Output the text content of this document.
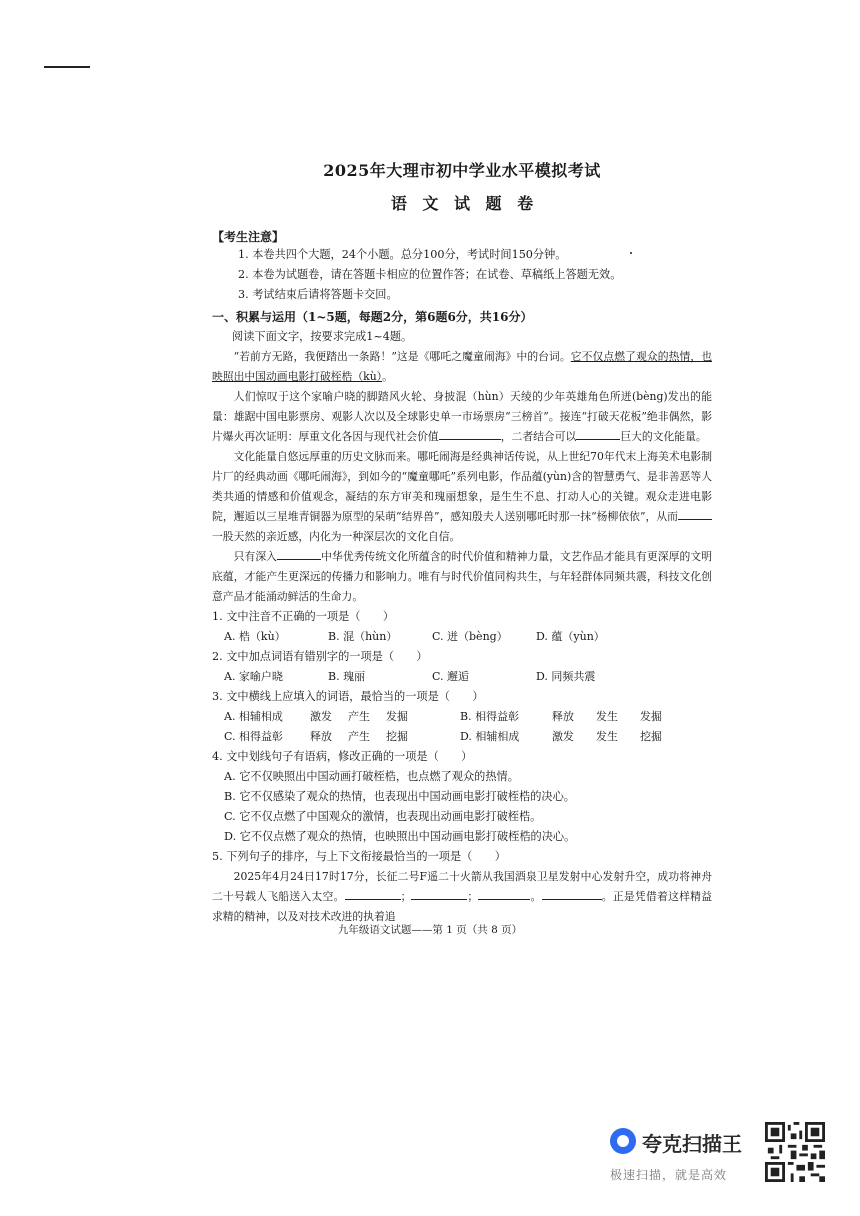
2025年大理市初中学业水平模拟考试
语 文 试 题 卷
【考生注意】
1. 本卷共四个大题，24个小题。总分100分，考试时间150分钟。
2. 本卷为试题卷，请在答题卡相应的位置作答；在试卷、草稿纸上答题无效。
3. 考试结束后请将答题卡交回。
一、积累与运用（1~5题，每题2分，第6题6分，共16分）
阅读下面文字，按要求完成1~4题。
“若前方无路，我便踏出一条路！”这是《哪吒之魔童闹海》中的台词。它不仅点燃了观众的热情，也映照出中国动画电影打破桎梏（kù）。
人们惊叹于这个家喻户晓的脚踏风火轮、身披混（hùn）天绫的少年英雄角色所迸(bèng)发出的能量：雄踞中国电影票房、观影人次以及全球影史单一市场票房“三榜首”。接连“打破天花板”绝非偶然，影片爆火再次证明：厚重文化各因与现代社会价值	，二者结合可以	巨大的文化能量。
文化能量自悠远厚重的历史文脉而来。哪吒闹海是经典神话传说，从上世纪70年代末上海美术电影制片厂的经典动画《哪吒闹海》，到如今的“魔童哪吒”系列电影，作品蕴(yùn)含的智慧勇气、是非善恶等人类共通的情感和价值观念，凝结的东方审美和瑰丽想象，是生生不息、打动人心的关键。观众走进电影院，邂逅以三星堆青铜器为原型的呆萌“结界兽”，感知殷夫人送别哪吒时那一抹“杨柳依依”，从而一股天然的亲近感，内化为一种深层次的文化自信。
只有深入	中华优秀传统文化所蕴含的时代价值和精神力量，文艺作品才能具有更深厚的文明底蕴，才能产生更深远的传播力和影响力。唯有与时代价值同构共生，与年轻群体同频共震，科技文化创意产品才能涌动鲜活的生命力。
1. 文中注音不正确的一项是（　　）
A. 梏（kù）	B. 混（hùn）	C. 迸（bèng）	D. 蕴（yùn）
2. 文中加点词语有错别字的一项是（　　）
A. 家喻户晓	B. 瑰丽	C. 邂逅	D. 同频共震
3. 文中横线上应填入的词语，最恰当的一项是（　　）
A. 相辅相成	激发	产生	发掘	B. 相得益彰	释放	发生	发掘
C. 相得益彰	释放	产生	挖掘	D. 相辅相成	激发	发生	挖掘
4. 文中划线句子有语病，修改正确的一项是（　　）
A. 它不仅映照出中国动画打破桎梏，也点燃了观众的热情。
B. 它不仅感染了观众的热情，也表现出中国动画电影打破桎梏的决心。
C. 它不仅点燃了中国观众的激情，也表现出动画电影打破桎梏。
D. 它不仅点燃了观众的热情，也映照出中国动画电影打破桎梏的决心。
5. 下列句子的排序，与上下文衔接最恰当的一项是（　　）
2025年4月24日17时17分，长征二号F遥二十火箭从我国酒泉卫星发射中心发射升空，成功将神舟二十号载人飞船送入太空。	；	；	。	。正是凭借着这样精益求精的精神，以及对技术改进的执着追
九年级语文试题——第 1 页（共 8 页）
夸克扫描王
极速扫描，就是高效
